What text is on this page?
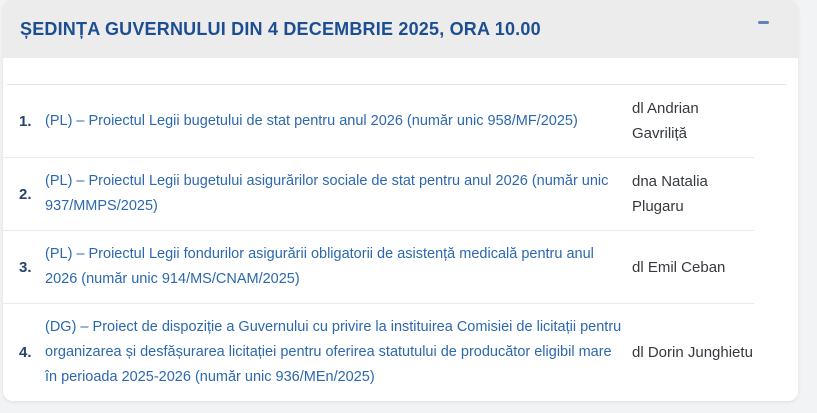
ȘEDINȚA GUVERNULUI DIN 4 DECEMBRIE 2025, ORA 10.00
1. (PL) – Proiectul Legii bugetului de stat pentru anul 2026 (număr unic 958/MF/2025)
dl Andrian Gavriliță
2.
(PL) – Proiectul Legii bugetului asigurărilor sociale de stat pentru anul 2026 (număr unic 937/MMPS/2025)
dna Natalia Plugaru
3.
(PL) – Proiectul Legii fondurilor asigurării obligatorii de asistență medicală pentru anul 2026 (număr unic 914/MS/CNAM/2025)
dl Emil Ceban
4.
(DG) – Proiect de dispoziție a Guvernului cu privire la instituirea Comisiei de licitații pentru organizarea și desfășurarea licitației pentru oferirea statutului de producător eligibil mare în perioada 2025-2026 (număr unic 936/MEn/2025)
dl Dorin Junghietu
